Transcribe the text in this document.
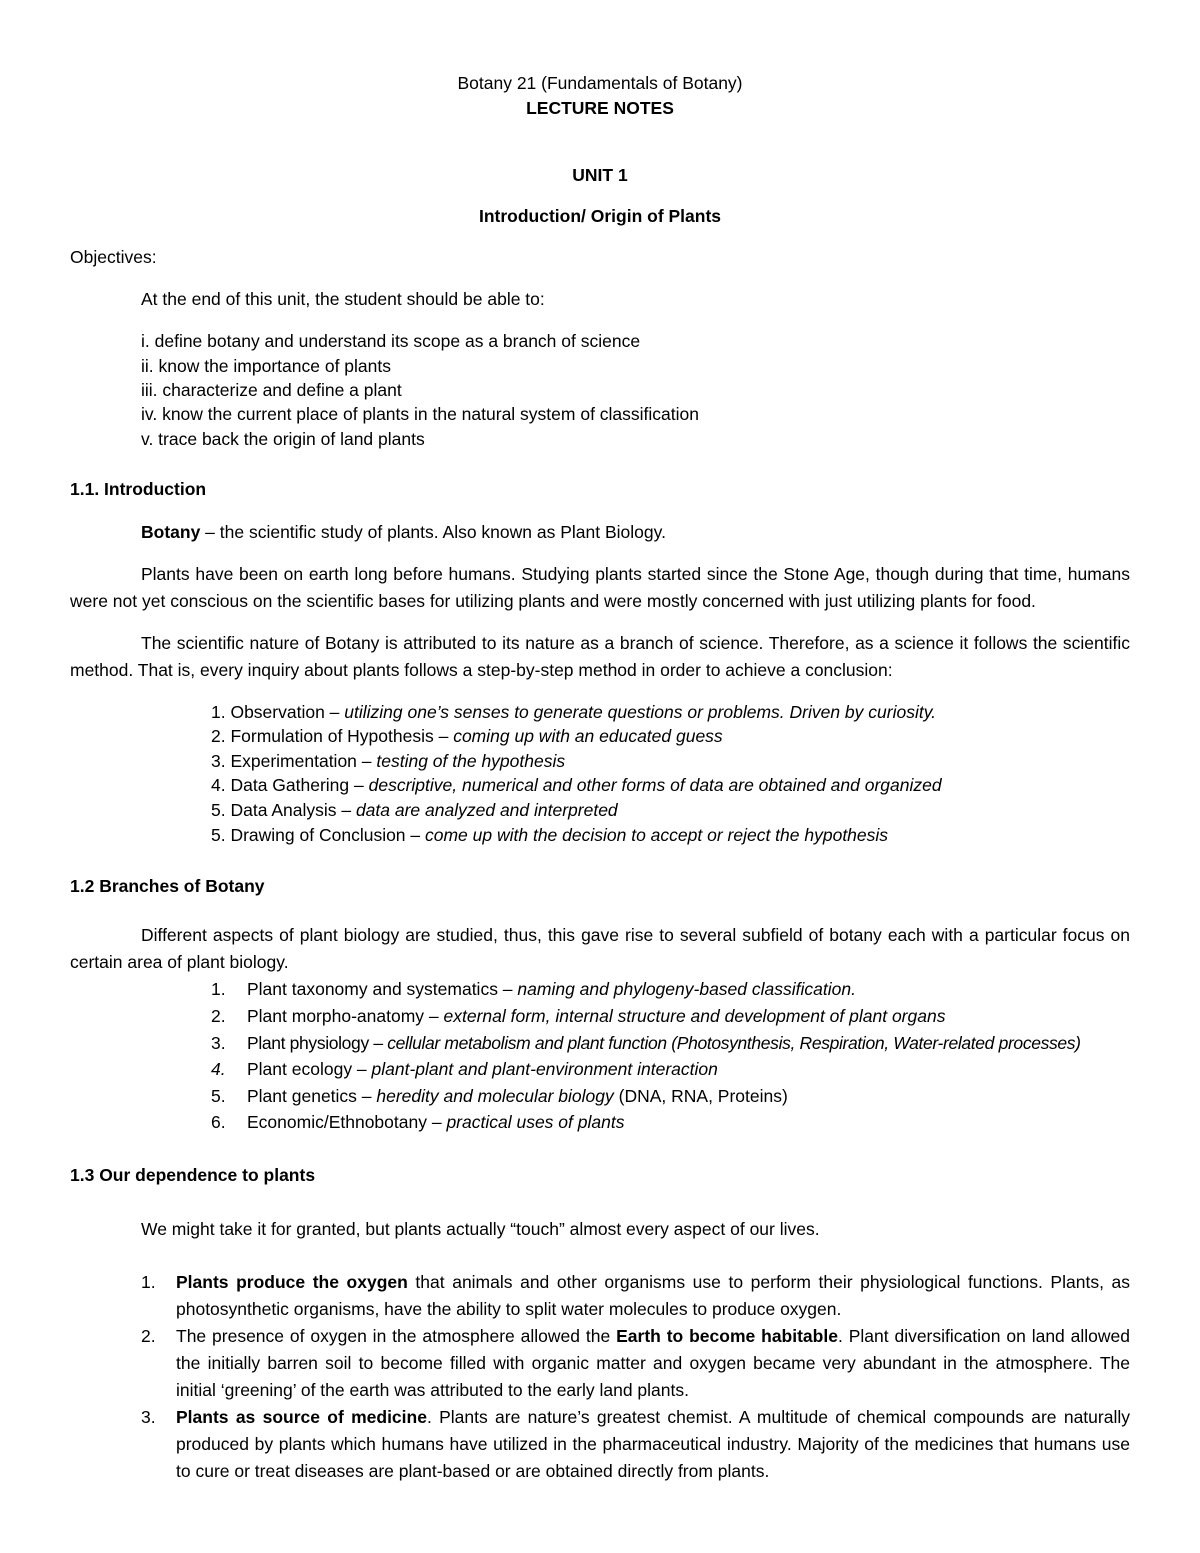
Botany 21 (Fundamentals of Botany)
LECTURE NOTES
UNIT 1
Introduction/ Origin of Plants
Objectives:
At the end of this unit, the student should be able to:
i. define botany and understand its scope as a branch of science
ii. know the importance of plants
iii. characterize and define a plant
iv. know the current place of plants in the natural system of classification
v. trace back the origin of land plants
1.1. Introduction
Botany – the scientific study of plants. Also known as Plant Biology.
Plants have been on earth long before humans. Studying plants started since the Stone Age, though during that time, humans were not yet conscious on the scientific bases for utilizing plants and were mostly concerned with just utilizing plants for food.
The scientific nature of Botany is attributed to its nature as a branch of science. Therefore, as a science it follows the scientific method. That is, every inquiry about plants follows a step-by-step method in order to achieve a conclusion:
1. Observation – utilizing one’s senses to generate questions or problems. Driven by curiosity.
2. Formulation of Hypothesis – coming up with an educated guess
3. Experimentation – testing of the hypothesis
4. Data Gathering – descriptive, numerical and other forms of data are obtained and organized
5. Data Analysis – data are analyzed and interpreted
5. Drawing of Conclusion – come up with the decision to accept or reject the hypothesis
1.2 Branches of Botany
Different aspects of plant biology are studied, thus, this gave rise to several subfield of botany each with a particular focus on certain area of plant biology.
1. Plant taxonomy and systematics – naming and phylogeny-based classification.
2. Plant morpho-anatomy – external form, internal structure and development of plant organs
3. Plant physiology – cellular metabolism and plant function (Photosynthesis, Respiration, Water-related processes)
4. Plant ecology – plant-plant and plant-environment interaction
5. Plant genetics – heredity and molecular biology (DNA, RNA, Proteins)
6. Economic/Ethnobotany – practical uses of plants
1.3 Our dependence to plants
We might take it for granted, but plants actually “touch” almost every aspect of our lives.
1. Plants produce the oxygen that animals and other organisms use to perform their physiological functions. Plants, as photosynthetic organisms, have the ability to split water molecules to produce oxygen.
2. The presence of oxygen in the atmosphere allowed the Earth to become habitable. Plant diversification on land allowed the initially barren soil to become filled with organic matter and oxygen became very abundant in the atmosphere. The initial ‘greening’ of the earth was attributed to the early land plants.
3. Plants as source of medicine. Plants are nature’s greatest chemist. A multitude of chemical compounds are naturally produced by plants which humans have utilized in the pharmaceutical industry. Majority of the medicines that humans use to cure or treat diseases are plant-based or are obtained directly from plants.
